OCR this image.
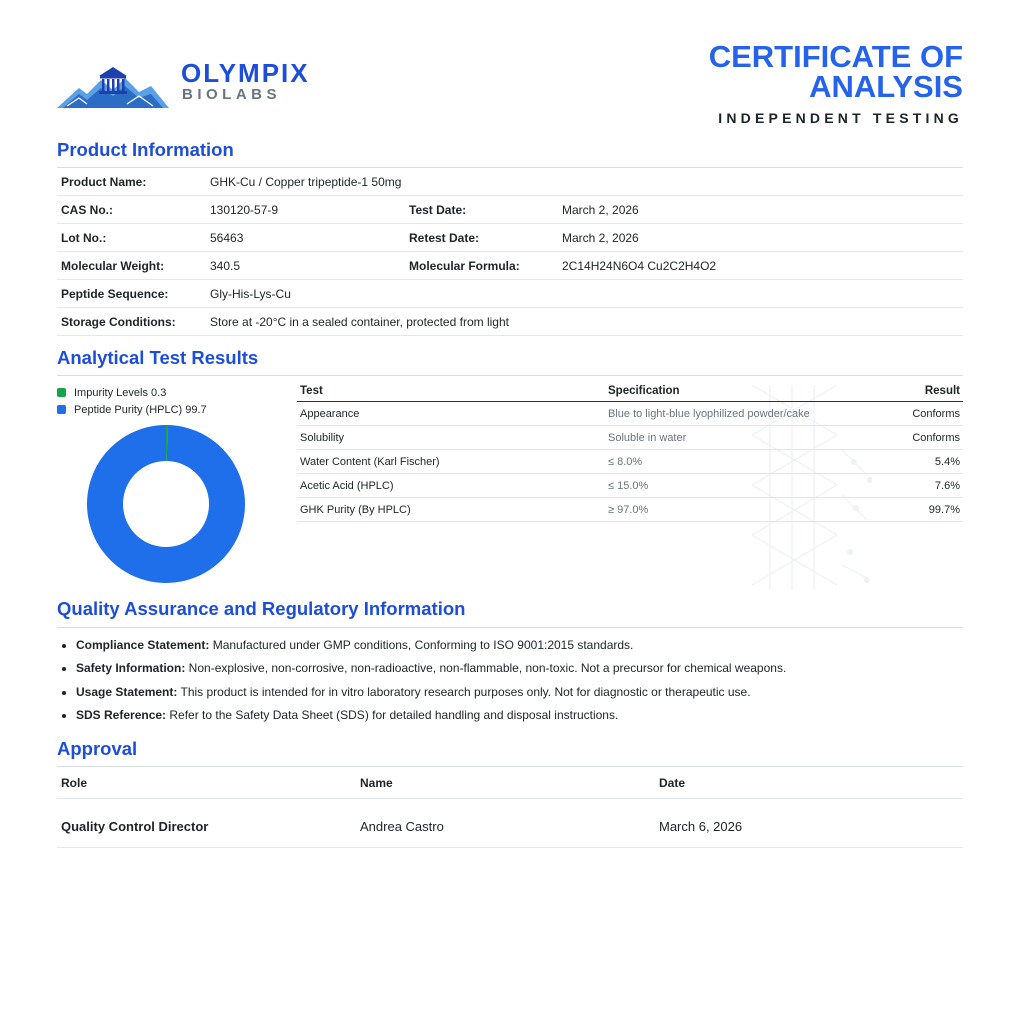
OLYMPIX
BIOLABS
CERTIFICATE OF ANALYSIS
INDEPENDENT TESTING
Product Information
Product Name:	GHK-Cu / Copper tripeptide-1 50mg		
CAS No.:	130120-57-9	Test Date:	March 2, 2026
Lot No.:	56463	Retest Date:	March 2, 2026
Molecular Weight:	340.5	Molecular Formula:	2C14H24N6O4 Cu2C2H4O2
Peptide Sequence:	Gly-His-Lys-Cu		
Storage Conditions:	Store at -20°C in a sealed container, protected from light		
Analytical Test Results
Impurity Levels 0.3
Peptide Purity (HPLC) 99.7
Test	Specification	Result
Appearance	Blue to light-blue lyophilized powder/cake	Conforms
Solubility	Soluble in water	Conforms
Water Content (Karl Fischer)	≤ 8.0%	5.4%
Acetic Acid (HPLC)	≤ 15.0%	7.6%
GHK Purity (By HPLC)	≥ 97.0%	99.7%
Quality Assurance and Regulatory Information
• Compliance Statement: Manufactured under GMP conditions, Conforming to ISO 9001:2015 standards.
• Safety Information: Non-explosive, non-corrosive, non-radioactive, non-flammable, non-toxic. Not a precursor for chemical weapons.
• Usage Statement: This product is intended for in vitro laboratory research purposes only. Not for diagnostic or therapeutic use.
• SDS Reference: Refer to the Safety Data Sheet (SDS) for detailed handling and disposal instructions.
Approval
Role	Name	Date
Quality Control Director	Andrea Castro	March 6, 2026
